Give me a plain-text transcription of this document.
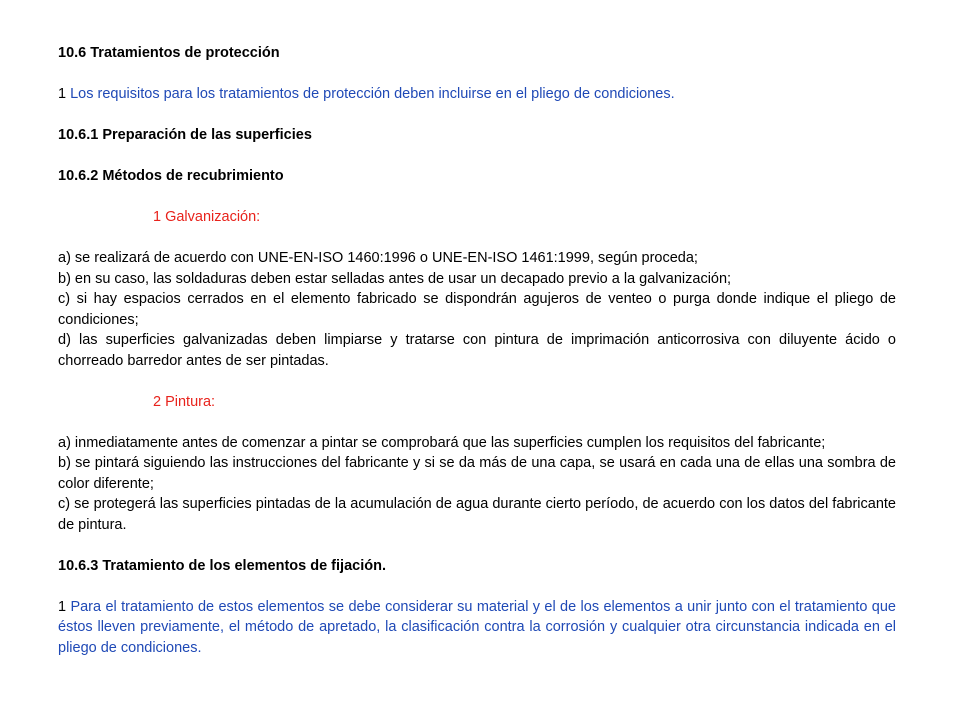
10.6 Tratamientos de protección

1 Los requisitos para los tratamientos de protección deben incluirse en el pliego de condiciones.

10.6.1 Preparación de las superficies

10.6.2 Métodos de recubrimiento

1 Galvanización:

a) se realizará de acuerdo con UNE-EN-ISO 1460:1996 o UNE-EN-ISO 1461:1999, según proceda;

b) en su caso, las soldaduras deben estar selladas antes de usar un decapado previo a la galvanización;

c) si hay espacios cerrados en el elemento fabricado se dispondrán agujeros de venteo o purga donde indique el pliego de condiciones;

d) las superficies galvanizadas deben limpiarse y tratarse con pintura de imprimación anticorrosiva con diluyente ácido o chorreado barredor antes de ser pintadas.

2 Pintura:

a) inmediatamente antes de comenzar a pintar se comprobará que las superficies cumplen los requisitos del fabricante;

b) se pintará siguiendo las instrucciones del fabricante y si se da más de una capa, se usará en cada una de ellas una sombra de color diferente;

c) se protegerá las superficies pintadas de la acumulación de agua durante cierto período, de acuerdo con los datos del fabricante de pintura.

10.6.3 Tratamiento de los elementos de fijación.

1 Para el tratamiento de estos elementos se debe considerar su material y el de los elementos a unir junto con el tratamiento que éstos lleven previamente, el método de apretado, la clasificación contra la corrosión y cualquier otra circunstancia indicada en el pliego de condiciones.
